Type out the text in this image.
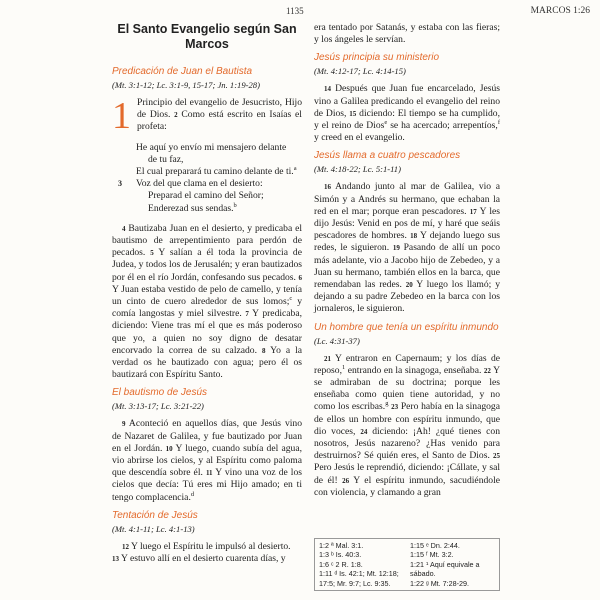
1135	MARCOS 1:26
El Santo Evangelio según San Marcos
Predicación de Juan el Bautista
(Mt. 3:1-12; Lc. 3:1-9, 15-17; Jn. 1:19-28)

1 Principio del evangelio de Jesucristo, Hijo de Dios. 2 Como está escrito en Isaías el profeta:

He aquí yo envío mi mensajero delante

de tu faz,

El cual preparará tu camino delante de ti.$^a$

3 Voz del que clama en el desierto:

Preparad el camino del Señor;

Enderezad sus sendas.$^b$

4 Bautizaba Juan en el desierto, y predicaba el bautismo de arrepentimiento para perdón de pecados. 5 Y salían a él toda la provincia de Judea, y todos los de Jerusalén; y eran bautizados por él en el río Jordán, confesando sus pecados. 6 Y Juan estaba vestido de pelo de camello, y tenía un cinto de cuero alrededor de sus lomos;$^c$ y comía langostas y miel silvestre. 7 Y predicaba, diciendo: Viene tras mí el que es más poderoso que yo, a quien no soy digno de desatar encorvado la correa de su calzado. 8 Yo a la verdad os he bautizado con agua; pero él os bautizará con Espíritu Santo.

El bautismo de Jesús
(Mt. 3:13-17; Lc. 3:21-22)

9 Aconteció en aquellos días, que Jesús vino de Nazaret de Galilea, y fue bautizado por Juan en el Jordán. 10 Y luego, cuando subía del agua, vio abrirse los cielos, y al Espíritu como paloma que descendía sobre él. 11 Y vino una voz de los cielos que decía: Tú eres mi Hijo amado; en ti tengo complacencia.$^d$

Tentación de Jesús
(Mt. 4:1-11; Lc. 4:1-13)

12 Y luego el Espíritu le impulsó al desierto.
13 Y estuvo allí en el desierto cuarenta días, y

era tentado por Satanás, y estaba con las fieras; y los ángeles le servían.

Jesús principia su ministerio
(Mt. 4:12-17; Lc. 4:14-15)

14 Después que Juan fue encarcelado, Jesús vino a Galilea predicando el evangelio del reino de Dios, 15 diciendo: El tiempo se ha cumplido, y el reino de Dios$^e$ se ha acercado; arrepentíos,$^f$ y creed en el evangelio.

Jesús llama a cuatro pescadores
(Mt. 4:18-22; Lc. 5:1-11)

16 Andando junto al mar de Galilea, vio a Simón y a Andrés su hermano, que echaban la red en el mar; porque eran pescadores. 17 Y les dijo Jesús: Venid en pos de mí, y haré que seáis pescadores de hombres. 18 Y dejando luego sus redes, le siguieron. 19 Pasando de allí un poco más adelante, vio a Jacobo hijo de Zebedeo, y a Juan su hermano, también ellos en la barca, que remendaban las redes. 20 Y luego los llamó; y dejando a su padre Zebedeo en la barca con los jornaleros, le siguieron.

Un hombre que tenía un espíritu inmundo
(Lc. 4:31-37)

21 Y entraron en Capernaum; y los días de reposo,$^1$ entrando en la sinagoga, enseñaba. 22 Y se admiraban de su doctrina; porque les enseñaba como quien tiene autoridad, y no como los escribas.$^g$ 23 Pero había en la sinagoga de ellos un hombre con espíritu inmundo, que dio voces, 24 diciendo: ¡Ah! ¿qué tienes con nosotros, Jesús nazareno? ¿Has venido para destruirnos? Sé quién eres, el Santo de Dios. 25 Pero Jesús le reprendió, diciendo: ¡Cállate, y sal de él! 26 Y el espíritu inmundo, sacudiéndole con violencia, y clamando a gran

1:2 ª Mal. 3:1.
1:3 ᵇ Is. 40:3.
1:6 ᶜ 2 R. 1:8.
1:11 ᵈ Is. 42:1; Mt. 12:18;
17:5; Mr. 9:7; Lc. 9:35.
1:15 ᵉ Dn. 2:44.
1:15 ᶠ Mt. 3:2.
1:21 ¹ Aquí equivale a
sábado.
1:22 ᵍ Mt. 7:28-29.
